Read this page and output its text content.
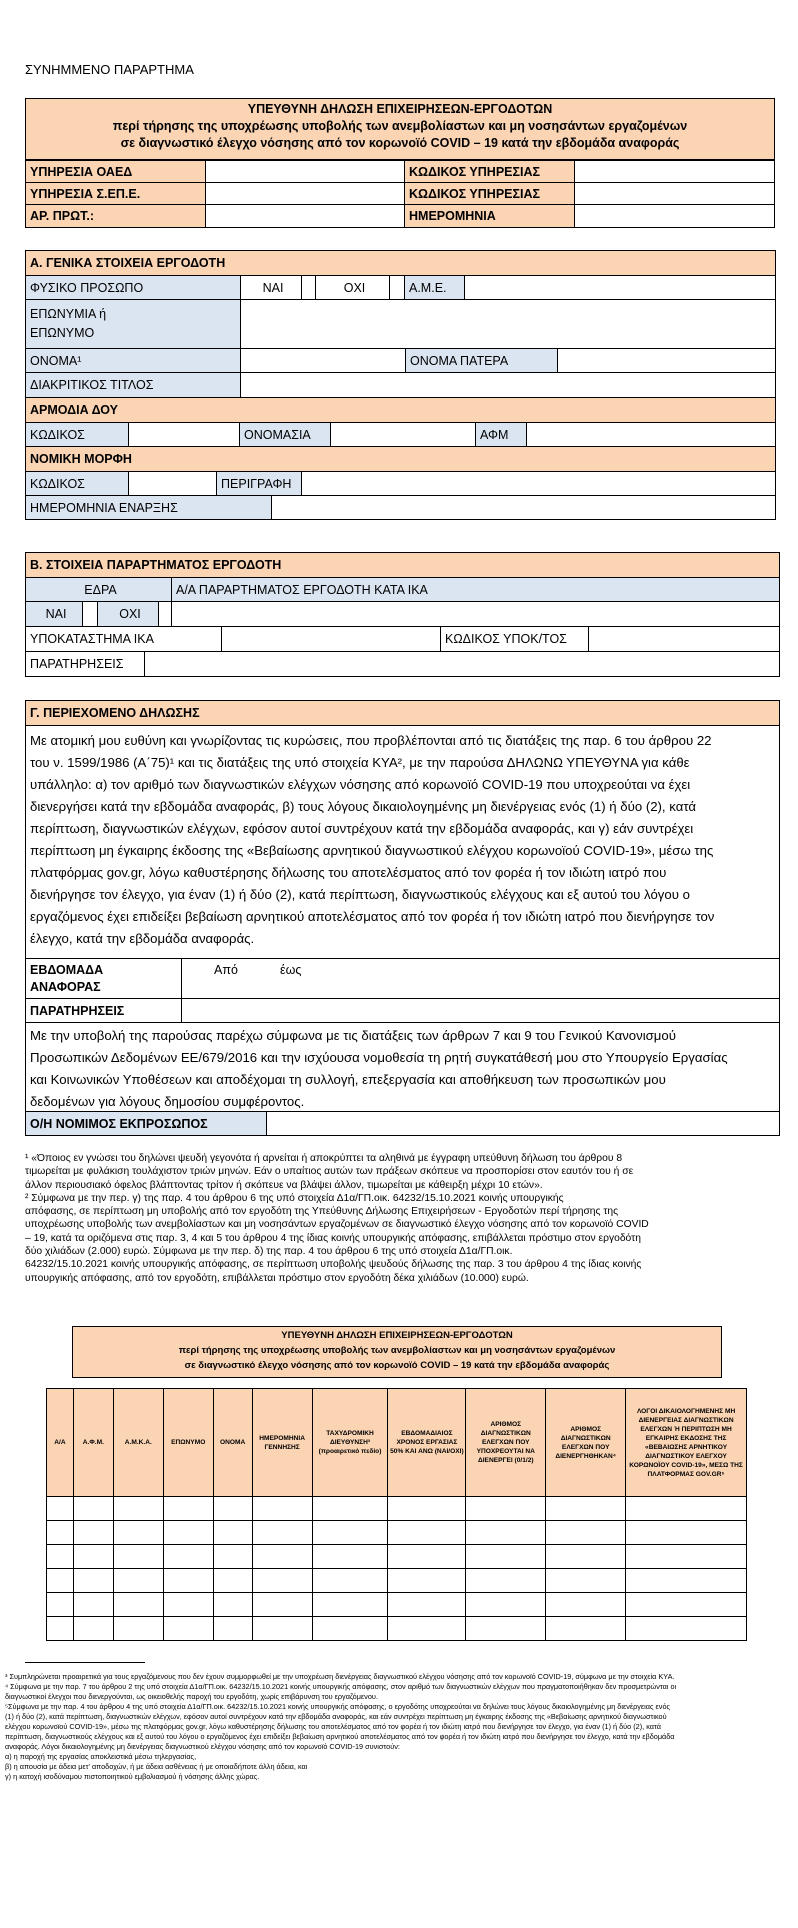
ΣΥΝΗΜΜΕΝΟ ΠΑΡΑΡΤΗΜΑ
ΥΠΕΥΘΥΝΗ ΔΗΛΩΣΗ ΕΠΙΧΕΙΡΗΣΕΩΝ-ΕΡΓΟΔΟΤΩΝ
περί τήρησης της υποχρέωσης υποβολής των ανεμβολίαστων και μη νοσησάντων εργαζομένων
σε διαγνωστικό έλεγχο νόσησης από τον κορωνοϊό COVID – 19 κατά την εβδομάδα αναφοράς
ΥΠΗΡΕΣΙΑ ΟΑΕΔ	ΚΩΔΙΚΟΣ ΥΠΗΡΕΣΙΑΣ
ΥΠΗΡΕΣΙΑ Σ.ΕΠ.Ε.	ΚΩΔΙΚΟΣ ΥΠΗΡΕΣΙΑΣ
ΑΡ. ΠΡΩΤ.:	ΗΜΕΡΟΜΗΝΙΑ
Α. ΓΕΝΙΚΑ ΣΤΟΙΧΕΙΑ ΕΡΓΟΔΟΤΗ
ΦΥΣΙΚΟ ΠΡΟΣΩΠΟ	ΝΑΙ	ΟΧΙ	Α.Μ.Ε.
ΕΠΩΝΥΜΙΑ ή
ΕΠΩΝΥΜΟ
ΟΝΟΜΑ¹	ΟΝΟΜΑ ΠΑΤΕΡΑ
ΔΙΑΚΡΙΤΙΚΟΣ ΤΙΤΛΟΣ
ΑΡΜΟΔΙΑ ΔΟΥ
ΚΩΔΙΚΟΣ	ΟΝΟΜΑΣΙΑ	ΑΦΜ
ΝΟΜΙΚΗ ΜΟΡΦΗ
ΚΩΔΙΚΟΣ	ΠΕΡΙΓΡΑΦΗ
ΗΜΕΡΟΜΗΝΙΑ ΕΝΑΡΞΗΣ
Β. ΣΤΟΙΧΕΙΑ ΠΑΡΑΡΤΗΜΑΤΟΣ ΕΡΓΟΔΟΤΗ
ΕΔΡΑ	Α/Α ΠΑΡΑΡΤΗΜΑΤΟΣ ΕΡΓΟΔΟΤΗ ΚΑΤΑ ΙΚΑ
ΝΑΙ	ΟΧΙ
ΥΠΟΚΑΤΑΣΤΗΜΑ ΙΚΑ	ΚΩΔΙΚΟΣ ΥΠΟΚ/ΤΟΣ
ΠΑΡΑΤΗΡΗΣΕΙΣ
Γ. ΠΕΡΙΕΧΟΜΕΝΟ ΔΗΛΩΣΗΣ
Με ατομική μου ευθύνη και γνωρίζοντας τις κυρώσεις, που προβλέπονται από τις διατάξεις της παρ. 6 του άρθρου 22
του ν. 1599/1986 (Α΄75)¹ και τις διατάξεις της υπό στοιχεία ΚΥΑ², με την παρούσα ΔΗΛΩΝΩ ΥΠΕΥΘΥΝΑ για κάθε
υπάλληλο: α) τον αριθμό των διαγνωστικών ελέγχων νόσησης από κορωνοϊό COVID-19 που υποχρεούται να έχει
διενεργήσει κατά την εβδομάδα αναφοράς, β) τους λόγους δικαιολογημένης μη διενέργειας ενός (1) ή δύο (2), κατά
περίπτωση, διαγνωστικών ελέγχων, εφόσον αυτοί συντρέχουν κατά την εβδομάδα αναφοράς, και γ) εάν συντρέχει
περίπτωση μη έγκαιρης έκδοσης της «Βεβαίωσης αρνητικού διαγνωστικού ελέγχου κορωνοϊού COVID-19», μέσω της
πλατφόρμας gov.gr, λόγω καθυστέρησης δήλωσης του αποτελέσματος από τον φορέα ή τον ιδιώτη ιατρό που
διενήργησε τον έλεγχο, για έναν (1) ή δύο (2), κατά περίπτωση, διαγνωστικούς ελέγχους και εξ αυτού του λόγου ο
εργαζόμενος έχει επιδείξει βεβαίωση αρνητικού αποτελέσματος από τον φορέα ή τον ιδιώτη ιατρό που διενήργησε τον
έλεγχο, κατά την εβδομάδα αναφοράς.
ΕΒΔΟΜΑΔΑ
ΑΝΑΦΟΡΑΣ
Από	έως
ΠΑΡΑΤΗΡΗΣΕΙΣ
Με την υποβολή της παρούσας παρέχω σύμφωνα με τις διατάξεις των άρθρων 7 και 9 του Γενικού Κανονισμού
Προσωπικών Δεδομένων ΕΕ/679/2016 και την ισχύουσα νομοθεσία τη ρητή συγκατάθεσή μου στο Υπουργείο Εργασίας
και Κοινωνικών Υποθέσεων και αποδέχομαι τη συλλογή, επεξεργασία και αποθήκευση των προσωπικών μου
δεδομένων για λόγους δημοσίου συμφέροντος.
Ο/Η ΝΟΜΙΜΟΣ ΕΚΠΡΟΣΩΠΟΣ
¹ «Όποιος εν γνώσει του δηλώνει ψευδή γεγονότα ή αρνείται ή αποκρύπτει τα αληθινά με έγγραφη υπεύθυνη δήλωση του άρθρου 8
τιμωρείται με φυλάκιση τουλάχιστον τριών μηνών. Εάν ο υπαίτιος αυτών των πράξεων σκόπευε να προσπορίσει στον εαυτόν του ή σε
άλλον περιουσιακό όφελος βλάπτοντας τρίτον ή σκόπευε να βλάψει άλλον, τιμωρείται με κάθειρξη μέχρι 10 ετών».
² Σύμφωνα με την περ. γ) της παρ. 4 του άρθρου 6 της υπό στοιχεία Δ1α/ΓΠ.οικ. 64232/15.10.2021 κοινής υπουργικής
απόφασης, σε περίπτωση μη υποβολής από τον εργοδότη της Υπεύθυνης Δήλωσης Επιχειρήσεων - Εργοδοτών περί τήρησης της
υποχρέωσης υποβολής των ανεμβολίαστων και μη νοσησάντων εργαζομένων σε διαγνωστικό έλεγχο νόσησης από τον κορωνοϊό COVID
– 19, κατά τα οριζόμενα στις παρ. 3, 4 και 5 του άρθρου 4 της ίδιας κοινής υπουργικής απόφασης, επιβάλλεται πρόστιμο στον εργοδότη
δύο χιλιάδων (2.000) ευρώ. Σύμφωνα με την περ. δ) της παρ. 4 του άρθρου 6 της υπό στοιχεία Δ1α/ΓΠ.οικ.
64232/15.10.2021 κοινής υπουργικής απόφασης, σε περίπτωση υποβολής ψευδούς δήλωσης της παρ. 3 του άρθρου 4 της ίδιας κοινής
υπουργικής απόφασης, από τον εργοδότη, επιβάλλεται πρόστιμο στον εργοδότη δέκα χιλιάδων (10.000) ευρώ.
ΥΠΕΥΘΥΝΗ ΔΗΛΩΣΗ ΕΠΙΧΕΙΡΗΣΕΩΝ-ΕΡΓΟΔΟΤΩΝ
περί τήρησης της υποχρέωσης υποβολής των ανεμβολίαστων και μη νοσησάντων εργαζομένων
σε διαγνωστικό έλεγχο νόσησης από τον κορωνοϊό COVID – 19 κατά την εβδομάδα αναφοράς
Α/Α	Α.Φ.Μ.	Α.Μ.Κ.Α.	ΕΠΩΝΥΜΟ	ΟΝΟΜΑ	ΗΜΕΡΟΜΗΝΙΑ ΓΕΝΝΗΣΗΣ	ΤΑΧΥΔΡΟΜΙΚΗ ΔΙΕΥΘΥΝΣΗ³ (προαιρετικό πεδίο)	ΕΒΔΟΜΑΔΙΑΙΟΣ ΧΡΟΝΟΣ ΕΡΓΑΣΙΑΣ 50% ΚΑΙ ΑΝΩ (ΝΑΙ/ΟΧΙ)	ΑΡΙΘΜΟΣ ΔΙΑΓΝΩΣΤΙΚΩΝ ΕΛΕΓΧΩΝ ΠΟΥ ΥΠΟΧΡΕΟΥΤΑΙ ΝΑ ΔΙΕΝΕΡΓΕΙ (0/1/2)	ΑΡΙΘΜΟΣ ΔΙΑΓΝΩΣΤΙΚΩΝ ΕΛΕΓΧΩΝ ΠΟΥ ΔΙΕΝΕΡΓΗΘΗΚΑΝ⁴	ΛΟΓΟΙ ΔΙΚΑΙΟΛΟΓΗΜΕΝΗΣ ΜΗ ΔΙΕΝΕΡΓΕΙΑΣ ΔΙΑΓΝΩΣΤΙΚΩΝ ΕΛΕΓΧΩΝ Ή ΠΕΡΙΠΤΩΣΗ ΜΗ ΕΓΚΑΙΡΗΣ ΕΚΔΟΣΗΣ ΤΗΣ «ΒΕΒΑΙΩΣΗΣ ΑΡΝΗΤΙΚΟΥ ΔΙΑΓΝΩΣΤΙΚΟΥ ΕΛΕΓΧΟΥ ΚΟΡΩΝΟΪΟΥ COVID-19», ΜΕΣΩ ΤΗΣ ΠΛΑΤΦΟΡΜΑΣ GOV.GR⁵

³ Συμπληρώνεται προαιρετικά για τους εργαζόμενους που δεν έχουν συμμορφωθεί με την υποχρέωση διενέργειας διαγνωστικού ελέγχου νόσησης από τον κορωνοϊό COVID-19, σύμφωνα με την στοιχεία ΚΥΑ.
⁴ Σύμφωνα με την παρ. 7 του άρθρου 2 της υπό στοιχεία Δ1α/ΓΠ.οικ. 64232/15.10.2021 κοινής υπουργικής απόφασης, στον αριθμό των διαγνωστικών ελέγχων που πραγματοποιήθηκαν δεν προσμετρώνται οι
διαγνωστικοί έλεγχοι που διενεργούνται, ως οικειοθελής παροχή του εργοδότη, χωρίς επιβάρυνση του εργαζόμενου.
⁵Σύμφωνα με την παρ. 4 του άρθρου 4 της υπό στοιχεία Δ1α/ΓΠ.οικ. 64232/15.10.2021 κοινής υπουργικής απόφασης, ο εργοδότης υποχρεούται να δηλώνει τους λόγους δικαιολογημένης μη διενέργειας ενός
(1) ή δύο (2), κατά περίπτωση, διαγνωστικών ελέγχων, εφόσον αυτοί συντρέχουν κατά την εβδομάδα αναφοράς, και εάν συντρέχει περίπτωση μη έγκαιρης έκδοσης της «Βεβαίωσης αρνητικού διαγνωστικού
ελέγχου κορωνοϊού COVID-19», μέσω της πλατφόρμας gov.gr, λόγω καθυστέρησης δήλωσης του αποτελέσματος από τον φορέα ή τον ιδιώτη ιατρό που διενήργησε τον έλεγχο, για έναν (1) ή δύο (2), κατά
περίπτωση, διαγνωστικούς ελέγχους και εξ αυτού του λόγου ο εργαζόμενος έχει επιδείξει βεβαίωση αρνητικού αποτελέσματος από τον φορέα ή τον ιδιώτη ιατρό που διενήργησε τον έλεγχο, κατά την εβδομάδα
αναφοράς. Λόγοι δικαιολογημένης μη διενέργειας διαγνωστικού ελέγχου νόσησης από τον κορωνοϊό COVID-19 συνιστούν:
α) η παροχή της εργασίας αποκλειστικά μέσω τηλεργασίας,
β) η απουσία με άδεια μετ' αποδοχών, ή με άδεια ασθένειας ή με οποιαδήποτε άλλη άδεια, και
γ) η κατοχή ισοδύναμου πιστοποιητικού εμβολιασμού ή νόσησης άλλης χώρας.
